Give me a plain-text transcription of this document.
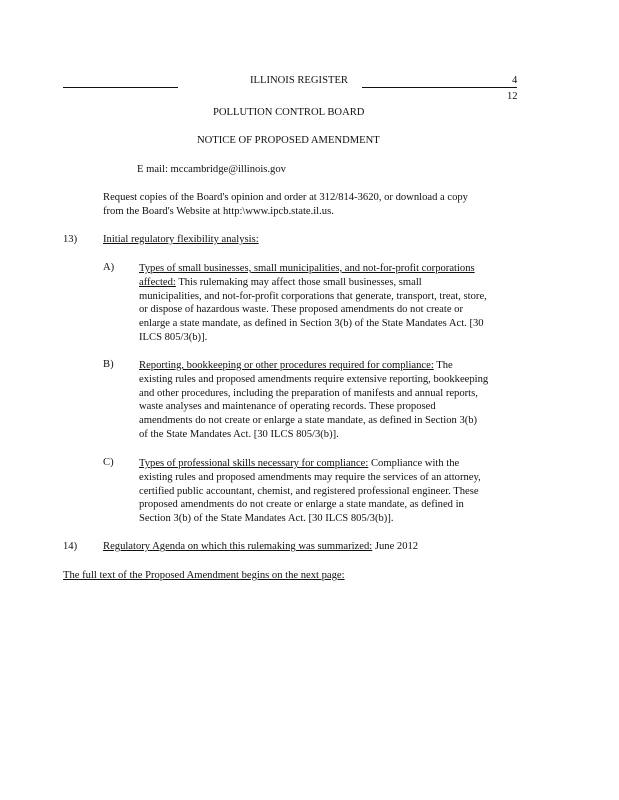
ILLINOIS REGISTER	4
12
POLLUTION CONTROL BOARD
NOTICE OF PROPOSED AMENDMENT
E mail: mccambridge@illinois.gov
Request copies of the Board's opinion and order at 312/814-3620, or download a copy
from the Board's Website at http:\www.ipcb.state.il.us.
13) Initial regulatory flexibility analysis:
A) Types of small businesses, small municipalities, and not-for-profit corporations
affected: This rulemaking may affect those small businesses, small
municipalities, and not-for-profit corporations that generate, transport, treat, store,
or dispose of hazardous waste. These proposed amendments do not create or
enlarge a state mandate, as defined in Section 3(b) of the State Mandates Act. [30
ILCS 805/3(b)].
B) Reporting, bookkeeping or other procedures required for compliance: The
existing rules and proposed amendments require extensive reporting, bookkeeping
and other procedures, including the preparation of manifests and annual reports,
waste analyses and maintenance of operating records. These proposed
amendments do not create or enlarge a state mandate, as defined in Section 3(b)
of the State Mandates Act. [30 ILCS 805/3(b)].
C) Types of professional skills necessary for compliance: Compliance with the
existing rules and proposed amendments may require the services of an attorney,
certified public accountant, chemist, and registered professional engineer. These
proposed amendments do not create or enlarge a state mandate, as defined in
Section 3(b) of the State Mandates Act. [30 ILCS 805/3(b)].
14) Regulatory Agenda on which this rulemaking was summarized: June 2012
The full text of the Proposed Amendment begins on the next page:
